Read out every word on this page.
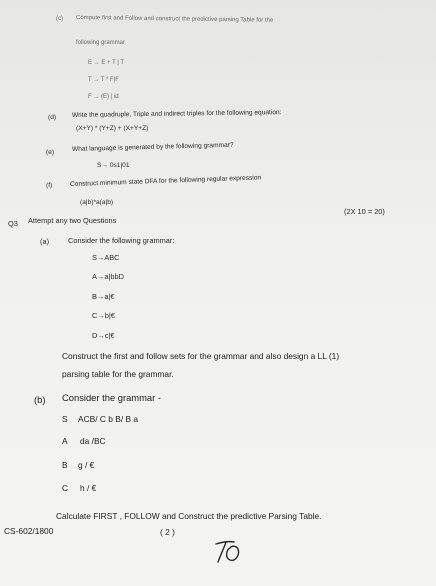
(c) Compute first and Follow and construct the predictive parsing Table for the
following grammar
E → E + T | T
T → T * F|F
F → (E) | id
(d) Write the quadruple, Triple and indirect triples for the following equation:
(X+Y) * (Y+Z) + (X+Y+Z)
(e)	What language is generated by the following grammar?
S→ 0s1|01
(f)	Construct minimum state DFA for the following regular expression
(a|b)*a(a|b)
Q3 Attempt any two Questions
(2X 10 = 20)
(a)	Consider the following grammar:
S→ABC
A→a|bbD
B→a|€
C→b|€
D→c|€
Construct the first and follow sets for the grammar and also design a LL (1)
parsing table for the grammar.
(b) Consider the grammar -
S ACB/ C b B/ B a
A da /BC
B g / €
C h / €
Calculate FIRST , FOLLOW and Construct the predictive Parsing Table.
CS-602/1800	( 2 )
